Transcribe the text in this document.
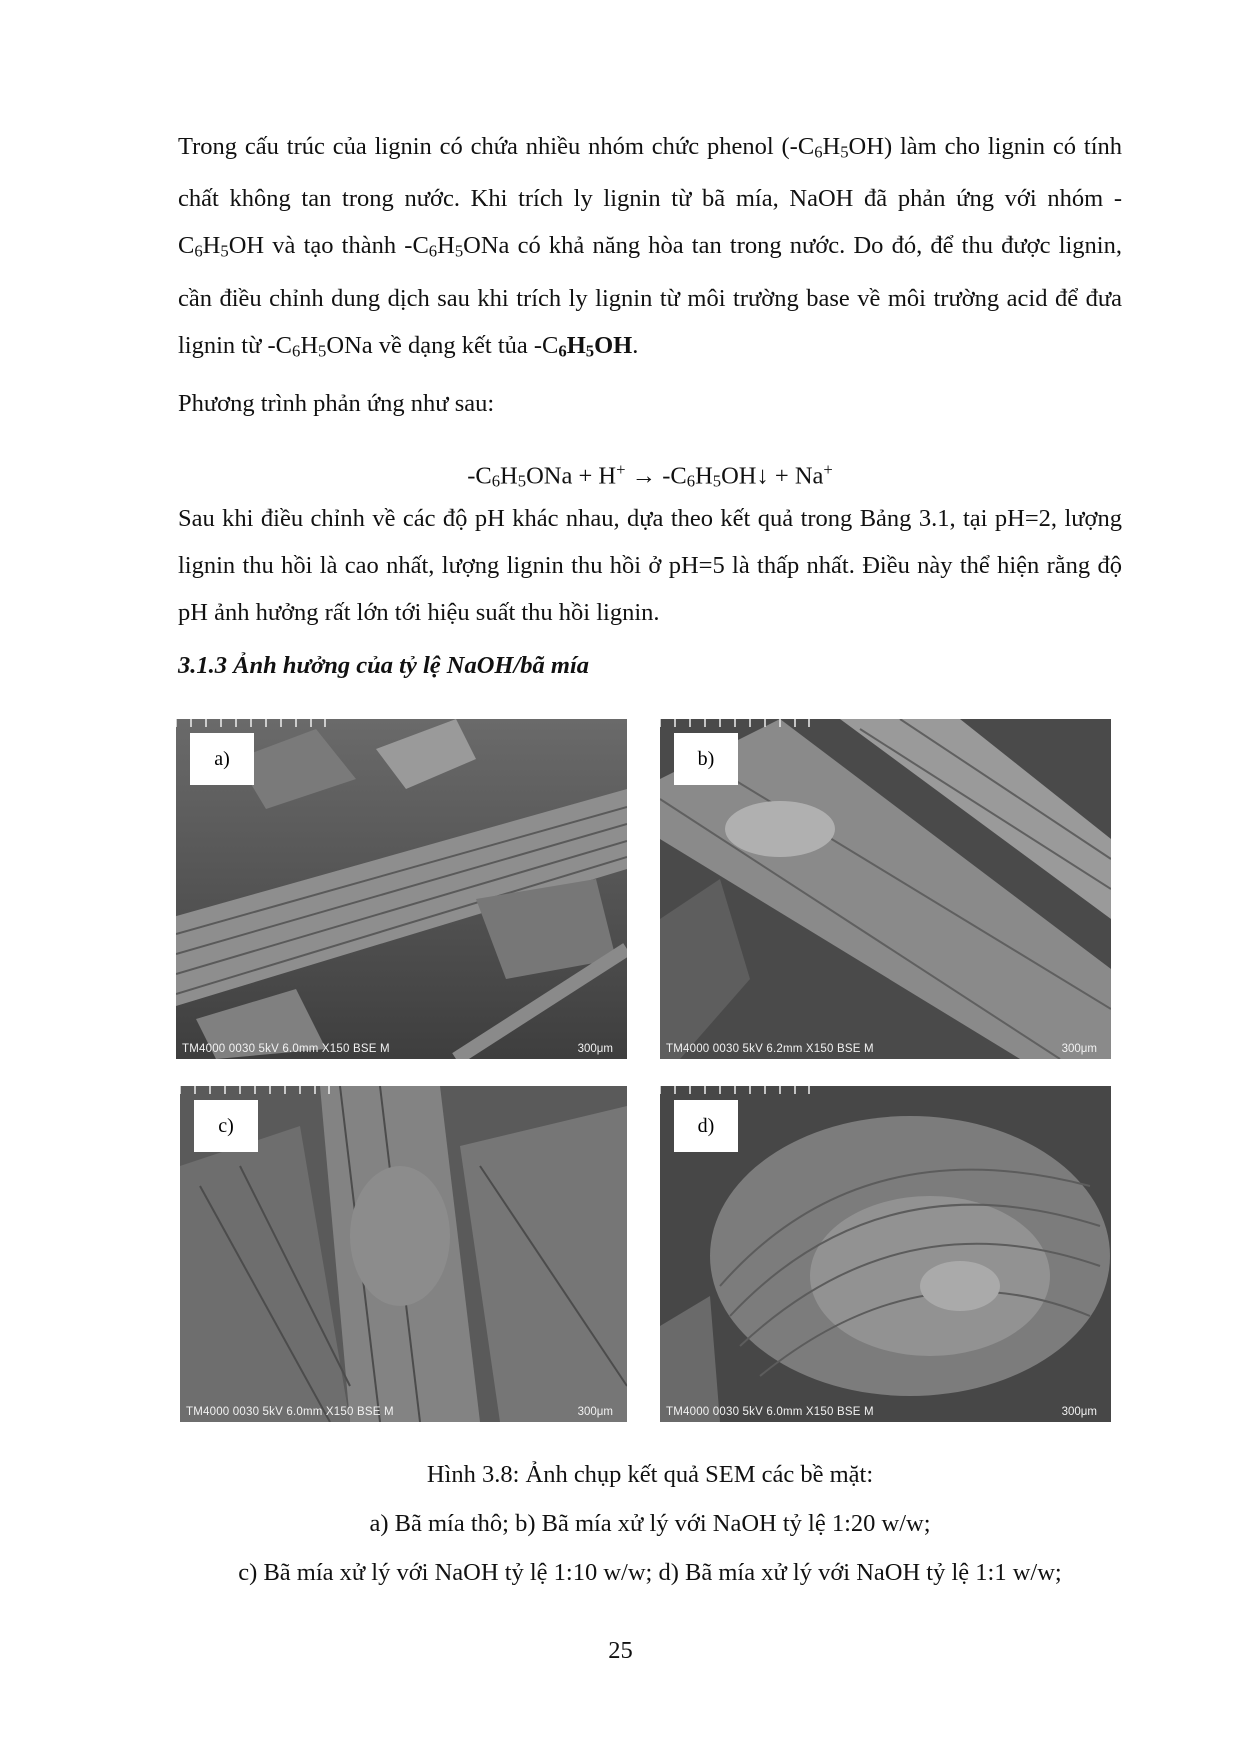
Trong cấu trúc của lignin có chứa nhiều nhóm chức phenol (-C6H5OH) làm cho lignin có tính chất không tan trong nước. Khi trích ly lignin từ bã mía, NaOH đã phản ứng với nhóm -C6H5OH và tạo thành -C6H5ONa có khả năng hòa tan trong nước. Do đó, để thu được lignin, cần điều chỉnh dung dịch sau khi trích ly lignin từ môi trường base về môi trường acid để đưa lignin từ -C6H5ONa về dạng kết tủa -C6H5OH.

Phương trình phản ứng như sau:

-C6H5ONa + H+ → -C6H5OH↓ + Na+

Sau khi điều chỉnh về các độ pH khác nhau, dựa theo kết quả trong Bảng 3.1, tại pH=2, lượng lignin thu hồi là cao nhất, lượng lignin thu hồi ở pH=5 là thấp nhất. Điều này thể hiện rằng độ pH ảnh hưởng rất lớn tới hiệu suất thu hồi lignin.

3.1.3 Ảnh hưởng của tỷ lệ NaOH/bã mía
a)
TM4000 0030 5kV 6.0mm X150 BSE M	300μm
b)
TM4000 0030 5kV 6.2mm X150 BSE M	300μm
c)
TM4000 0030 5kV 6.0mm X150 BSE M	300μm
d)
TM4000 0030 5kV 6.0mm X150 BSE M	300μm
Hình 3.8: Ảnh chụp kết quả SEM các bề mặt:
a) Bã mía thô; b) Bã mía xử lý với NaOH tỷ lệ 1:20 w/w;
c) Bã mía xử lý với NaOH tỷ lệ 1:10 w/w; d) Bã mía xử lý với NaOH tỷ lệ 1:1 w/w;
25
